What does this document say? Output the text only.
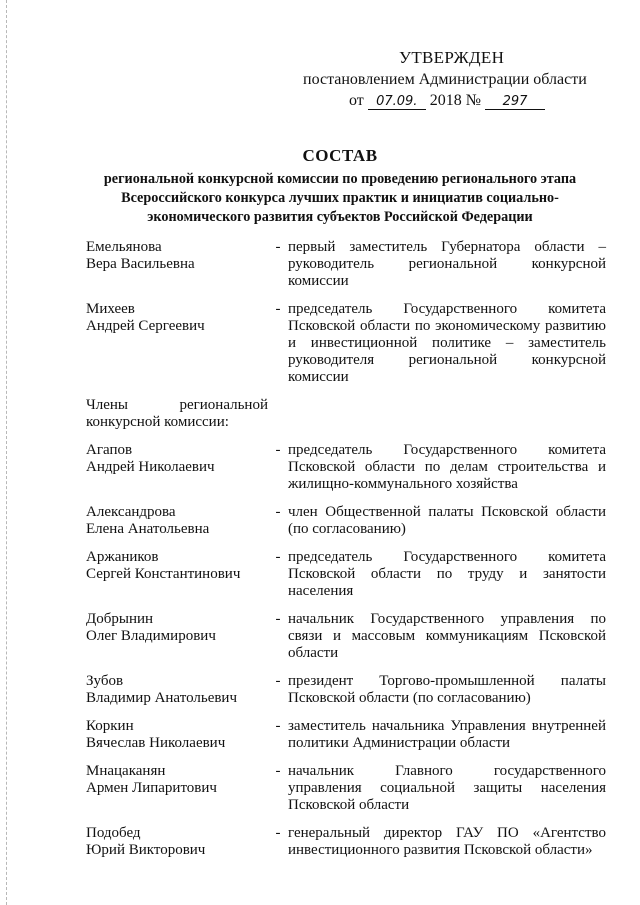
УТВЕРЖДЕН
постановлением Администрации области
от 07.09. 2018 № 297
СОСТАВ
региональной конкурсной комиссии по проведению регионального этапа
Всероссийского конкурса лучших практик и инициатив социально-
экономического развития субъектов Российской Федерации
Емельянова
Вера Васильевна
- первый заместитель Губернатора области – руководитель региональной конкурсной комиссии
Михеев
Андрей Сергеевич
- председатель Государственного комитета Псковской области по экономическому развитию и инвестиционной политике – заместитель руководителя региональной конкурсной комиссии
Члены региональной конкурсной комиссии:
Агапов
Андрей Николаевич
- председатель Государственного комитета Псковской области по делам строительства и жилищно-коммунального хозяйства
Александрова
Елена Анатольевна
- член Общественной палаты Псковской области (по согласованию)
Аржаников
Сергей Константинович
- председатель Государственного комитета Псковской области по труду и занятости населения
Добрынин
Олег Владимирович
- начальник Государственного управления по связи и массовым коммуникациям Псковской области
Зубов
Владимир Анатольевич
- президент Торгово-промышленной палаты Псковской области (по согласованию)
Коркин
Вячеслав Николаевич
- заместитель начальника Управления внутренней политики Администрации области
Мнацаканян
Армен Липаритович
- начальник Главного государственного управления социальной защиты населения Псковской области
Подобед
Юрий Викторович
- генеральный директор ГАУ ПО «Агентство инвестиционного развития Псковской области»
